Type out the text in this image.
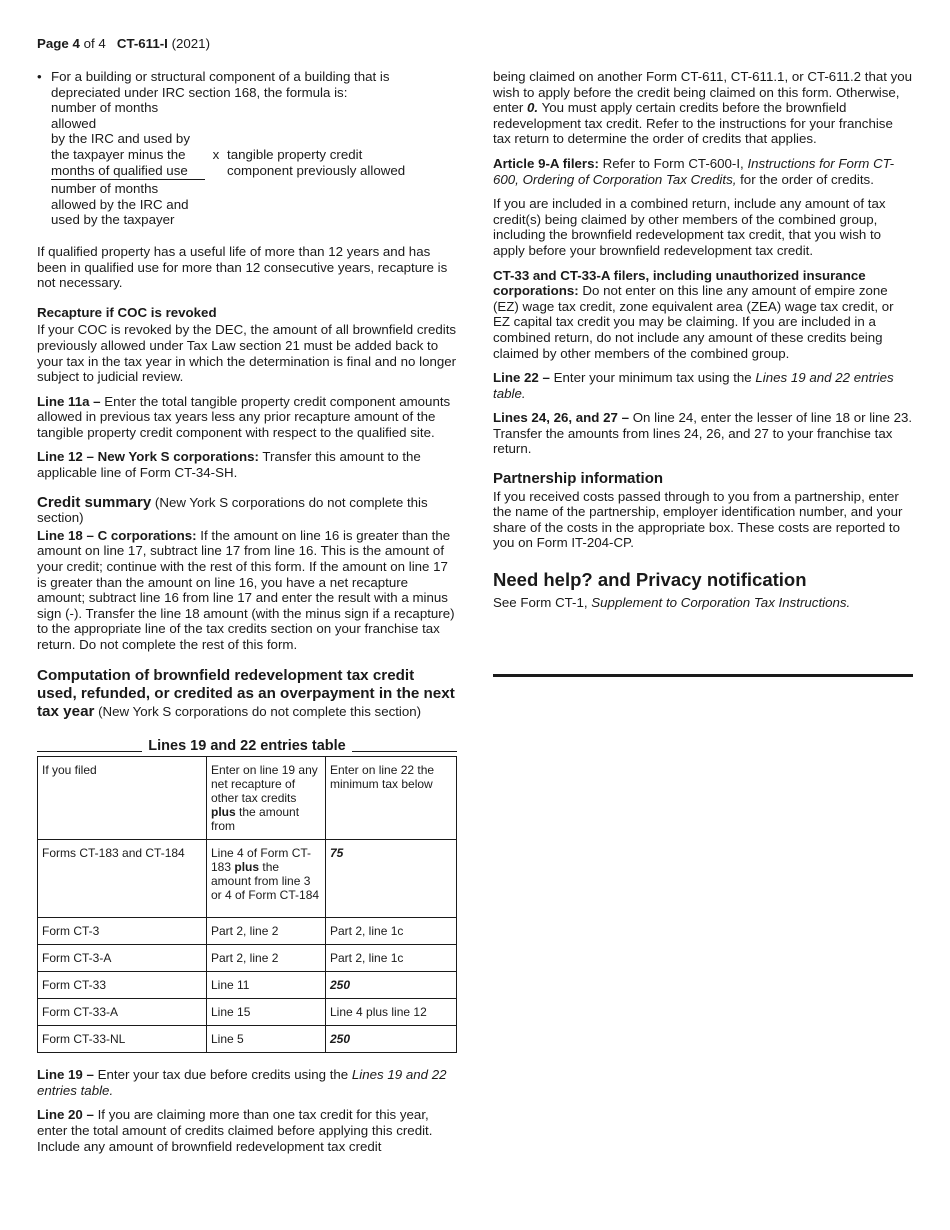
Page 4 of 4 CT-611-I (2021)
• For a building or structural component of a building that is depreciated under IRC section 168, the formula is:
number of months allowed
by the IRC and used by
the taxpayer minus the
months of qualified use
number of months
allowed by the IRC and
used by the taxpayer
x tangible property credit
component previously allowed

If qualified property has a useful life of more than 12 years and has been in qualified use for more than 12 consecutive years, recapture is not necessary.

Recapture if COC is revoked

If your COC is revoked by the DEC, the amount of all brownfield credits previously allowed under Tax Law section 21 must be added back to your tax in the tax year in which the determination is final and no longer subject to judicial review.

Line 11a – Enter the total tangible property credit component amounts allowed in previous tax years less any prior recapture amount of the tangible property credit component with respect to the qualified site.

Line 12 – New York S corporations: Transfer this amount to the applicable line of Form CT-34-SH.

Credit summary (New York S corporations do not complete this section)

Line 18 – C corporations: If the amount on line 16 is greater than the amount on line 17, subtract line 17 from line 16. This is the amount of your credit; continue with the rest of this form. If the amount on line 17 is greater than the amount on line 16, you have a net recapture amount; subtract line 16 from line 17 and enter the result with a minus sign (-). Transfer the line 18 amount (with the minus sign if a recapture) to the appropriate line of the tax credits section on your franchise tax return. Do not complete the rest of this form.

Computation of brownfield redevelopment tax credit used, refunded, or credited as an overpayment in the next tax year (New York S corporations do not complete this section)
Lines 19 and 22 entries table
If you filed	Enter on line 19 any net recapture of other tax credits plus the amount from	Enter on line 22 the minimum tax below
Forms CT-183 and CT-184	Line 4 of Form CT-183 plus the amount from line 3 or 4 of Form CT-184	75
Form CT-3	Part 2, line 2	Part 2, line 1c
Form CT-3-A	Part 2, line 2	Part 2, line 1c
Form CT-33	Line 11	250
Form CT-33-A	Line 15	Line 4 plus line 12
Form CT-33-NL	Line 5	250

Line 19 – Enter your tax due before credits using the Lines 19 and 22 entries table.

Line 20 – If you are claiming more than one tax credit for this year, enter the total amount of credits claimed before applying this credit. Include any amount of brownfield redevelopment tax credit

being claimed on another Form CT-611, CT-611.1, or CT-611.2 that you wish to apply before the credit being claimed on this form. Otherwise, enter 0. You must apply certain credits before the brownfield redevelopment tax credit. Refer to the instructions for your franchise tax return to determine the order of credits that applies.

Article 9-A filers: Refer to Form CT-600-I, Instructions for Form CT-600, Ordering of Corporation Tax Credits, for the order of credits.

If you are included in a combined return, include any amount of tax credit(s) being claimed by other members of the combined group, including the brownfield redevelopment tax credit, that you wish to apply before your brownfield redevelopment tax credit.

CT-33 and CT-33-A filers, including unauthorized insurance corporations: Do not enter on this line any amount of empire zone (EZ) wage tax credit, zone equivalent area (ZEA) wage tax credit, or EZ capital tax credit you may be claiming. If you are included in a combined return, do not include any amount of these credits being claimed by other members of the combined group.

Line 22 – Enter your minimum tax using the Lines 19 and 22 entries table.

Lines 24, 26, and 27 – On line 24, enter the lesser of line 18 or line 23. Transfer the amounts from lines 24, 26, and 27 to your franchise tax return.

Partnership information

If you received costs passed through to you from a partnership, enter the name of the partnership, employer identification number, and your share of the costs in the appropriate box. These costs are reported to you on Form IT-204-CP.

Need help? and Privacy notification

See Form CT-1, Supplement to Corporation Tax Instructions.
